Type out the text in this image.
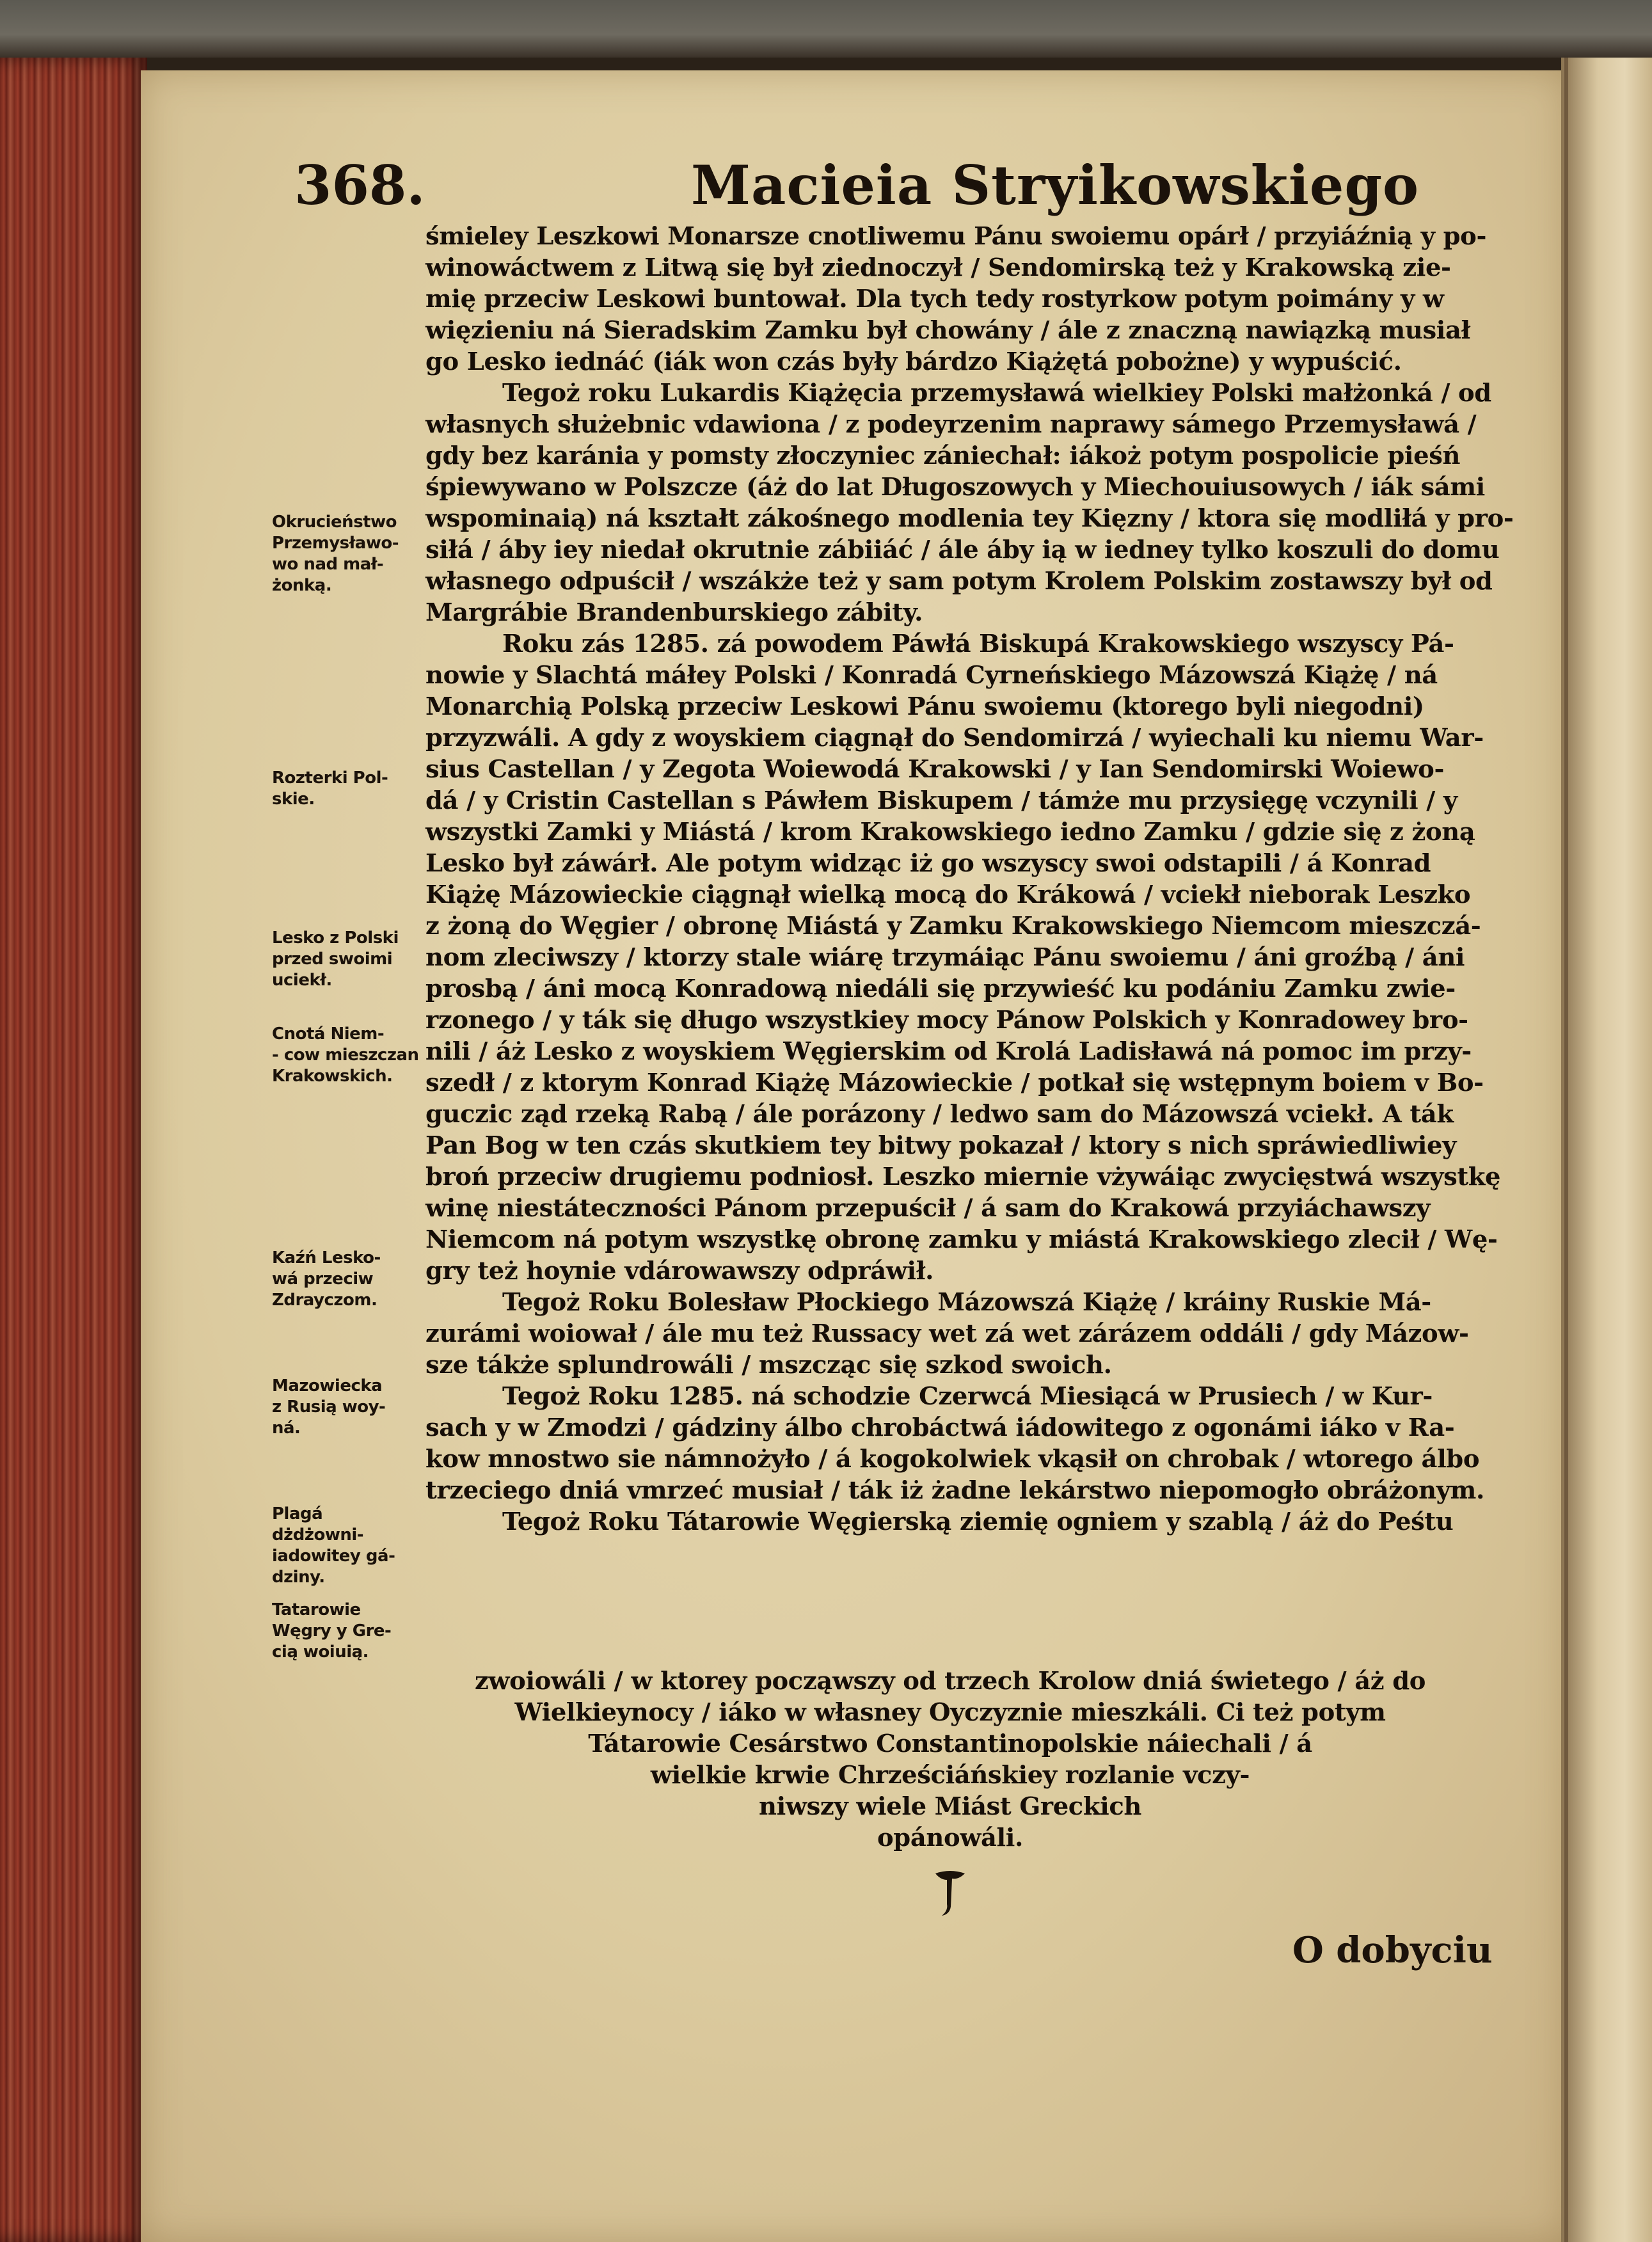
368.	Macieia Stryikowskiego
Okrucieństwo
Przemysławo-
wo nad mał-
żonką.
Rozterki Pol-
skie.
Lesko z Polski
przed swoimi
uciekł.
Cnotá Niem-
- cow mieszczan
Krakowskich.
Kaźń Lesko-
wá przeciw
Zdrayczom.
Mazowiecka
z Rusią woy-
ná.
Plagá dżdżowni-
iadowitey gá-
dziny.
Tatarowie
Węgry y Gre-
cią woiuią.
śmieley Leszkowi Monarsze cnotliwemu Pánu swoiemu opárł / przyiáźnią y po-
winowáctwem z Litwą się był ziednoczył / Sendomirską też y Krakowską zie-
mię przeciw Leskowi buntował. Dla tych tedy rostyrkow potym poimány y w
więzieniu ná Sieradskim Zamku był chowány / ále z znaczną nawiązką musiał
go Lesko iednáć (iák won czás były bárdzo Kiążętá pobożne) y wypuścić.
Tegoż roku Lukardis Kiążęcia przemysławá wielkiey Polski małżonká / od
własnych służebnic vdawiona / z podeyrzenim naprawy sámego Przemysławá /
gdy bez karánia y pomsty złoczyniec zániechał: iákoż potym pospolicie pieśń
śpiewywano w Polszcze (áż do lat Długoszowych y Miechouiusowych / iák sámi
wspominaią) ná kształt zákośnego modlenia tey Kięzny / ktora się modliłá y pro-
siłá / áby iey niedał okrutnie zábiiáć / ále áby ią w iedney tylko koszuli do domu
własnego odpuścił / wszákże też y sam potym Krolem Polskim zostawszy był od
Margrábie Brandenburskiego zábity.
Roku zás 1285. zá powodem Páwłá Biskupá Krakowskiego wszyscy Pá-
nowie y Slachtá máłey Polski / Konradá Cyrneńskiego Mázowszá Kiążę / ná
Monarchią Polską przeciw Leskowi Pánu swoiemu (ktorego byli niegodni)
przyzwáli. A gdy z woyskiem ciągnął do Sendomirzá / wyiechali ku niemu War-
sius Castellan / y Zegota Woiewodá Krakowski / y Ian Sendomirski Woiewo-
dá / y Cristin Castellan s Páwłem Biskupem / támże mu przysięgę vczynili / y
wszystki Zamki y Miástá / krom Krakowskiego iedno Zamku / gdzie się z żoną
Lesko był záwárł. Ale potym widząc iż go wszyscy swoi odstapili / á Konrad
Kiążę Mázowieckie ciągnął wielką mocą do Krákowá / vciekł nieborak Leszko
z żoną do Węgier / obronę Miástá y Zamku Krakowskiego Niemcom mieszczá-
nom zleciwszy / ktorzy stale wiárę trzymáiąc Pánu swoiemu / áni groźbą / áni
prosbą / áni mocą Konradową niedáli się przywieść ku podániu Zamku zwie-
rzonego / y ták się długo wszystkiey mocy Pánow Polskich y Konradowey bro-
nili / áż Lesko z woyskiem Węgierskim od Krolá Ladisławá ná pomoc im przy-
szedł / z ktorym Konrad Kiążę Mázowieckie / potkał się wstępnym boiem v Bo-
guczic ząd rzeką Rabą / ále porázony / ledwo sam do Mázowszá vciekł. A ták
Pan Bog w ten czás skutkiem tey bitwy pokazał / ktory s nich spráwiedliwiey
broń przeciw drugiemu podniosł. Leszko miernie vżywáiąc zwycięstwá wszystkę
winę niestáteczności Pánom przepuścił / á sam do Krakowá przyiáchawszy
Niemcom ná potym wszystkę obronę zamku y miástá Krakowskiego zlecił / Wę-
gry też hoynie vdárowawszy odpráwił.
Tegoż Roku Bolesław Płockiego Mázowszá Kiążę / kráiny Ruskie Má-
zurámi woiował / ále mu też Russacy wet zá wet zárázem oddáli / gdy Mázow-
sze tákże splundrowáli / mszcząc się szkod swoich.
Tegoż Roku 1285. ná schodzie Czerwcá Miesiącá w Prusiech / w Kur-
sach y w Zmodzi / gádziny álbo chrobáctwá iádowitego z ogonámi iáko v Ra-
kow mnostwo sie námnożyło / á kogokolwiek vkąsił on chrobak / wtorego álbo
trzeciego dniá vmrzeć musiał / ták iż żadne lekárstwo niepomogło obráżonym.
Tegoż Roku Tátarowie Węgierską ziemię ogniem y szablą / áż do Peśtu
zwoiowáli / w ktorey począwszy od trzech Krolow dniá świetego / áż do
Wielkieynocy / iáko w własney Oyczyznie mieszkáli. Ci też potym
Tátarowie Cesárstwo Constantinopolskie náiechali / á
wielkie krwie Chrześciáńskiey rozlanie vczy-
niwszy wiele Miást Greckich
opánowáli.
O dobyciu
